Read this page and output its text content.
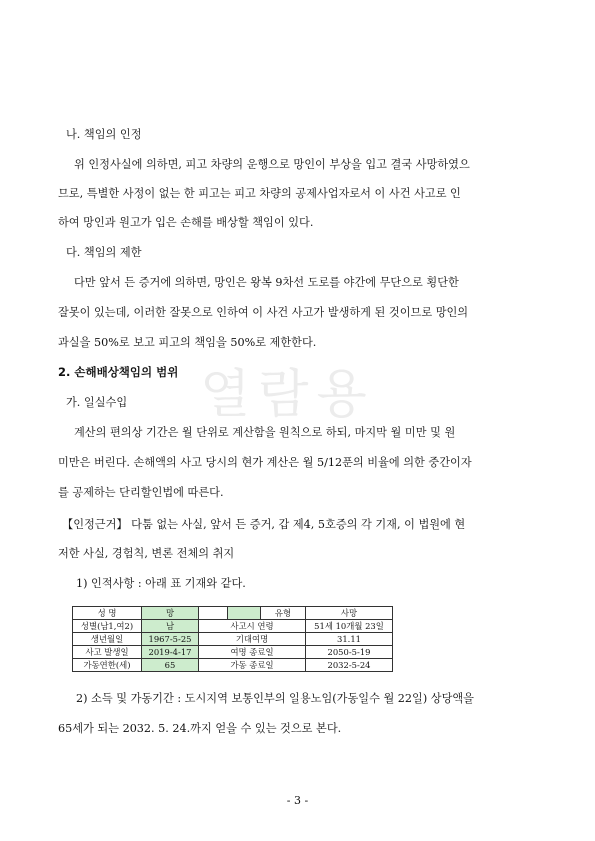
열람용
나. 책임의 인정
위 인정사실에 의하면, 피고 차량의 운행으로 망인이 부상을 입고 결국 사망하였으
므로, 특별한 사정이 없는 한 피고는 피고 차량의 공제사업자로서 이 사건 사고로 인
하여 망인과 원고가 입은 손해를 배상할 책임이 있다.
다. 책임의 제한
다만 앞서 든 증거에 의하면, 망인은 왕복 9차선 도로를 야간에 무단으로 횡단한
잘못이 있는데, 이러한 잘못으로 인하여 이 사건 사고가 발생하게 된 것이므로 망인의
과실을 50%로 보고 피고의 책임을 50%로 제한한다.
2. 손해배상책임의 범위
가. 일실수입
계산의 편의상 기간은 월 단위로 계산함을 원칙으로 하되, 마지막 월 미만 및 원
미만은 버린다. 손해액의 사고 당시의 현가 계산은 월 5/12푼의 비율에 의한 중간이자
를 공제하는 단리할인법에 따른다.
【인정근거】 다툼 없는 사실, 앞서 든 증거, 갑 제4, 5호증의 각 기재, 이 법원에 현
저한 사실, 경험칙, 변론 전체의 취지
1) 인적사항 : 아래 표 기재와 같다.
성 명	망			유형	사망
성별(남1,여2)	남	사고시 연령			51세 10개월 23일
생년월일	1967-5-25	기대여명			31.11
사고 발생일	2019-4-17	여명 종료일			2050-5-19
가동연한(세)	65	가동 종료일			2032-5-24
2) 소득 및 가동기간 : 도시지역 보통인부의 일용노임(가동일수 월 22일) 상당액을
65세가 되는 2032. 5. 24.까지 얻을 수 있는 것으로 본다.
- 3 -
